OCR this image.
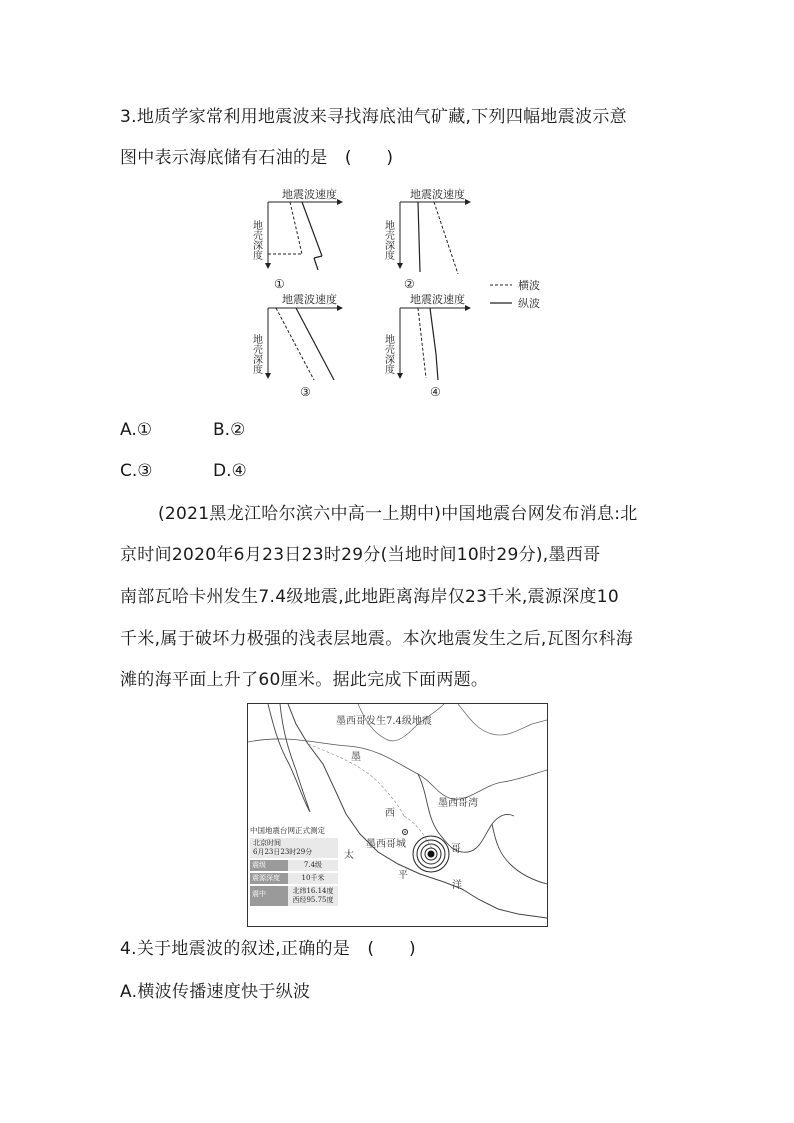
3.地质学家常利用地震波来寻找海底油气矿藏,下列四幅地震波示意
图中表示海底储有石油的是　(　　)
地震波速度
地壳深度
①
地震波速度
地壳深度
②	横波
纵波
地震波速度
地壳深度
③
地震波速度
地壳深度
④
A.①	B.②
C.③	D.④
(2021黑龙江哈尔滨六中高一上期中)中国地震台网发布消息:北
京时间2020年6月23日23时29分(当地时间10时29分),墨西哥
南部瓦哈卡州发生7.4级地震,此地距离海岸仅23千米,震源深度10
千米,属于破坏力极强的浅表层地震。本次地震发生之后,瓦图尔科海
滩的海平面上升了60厘米。据此完成下面两题。
墨西哥发生7.4级地震
墨
西
哥
墨西哥湾
墨西哥城
太
平
洋
中国地震台网正式测定
北京时间
6月23日23时29分
震级	7.4级
震源深度	10千米
震中	北纬16.14度
西经95.75度
4.关于地震波的叙述,正确的是　(　　)
A.横波传播速度快于纵波
